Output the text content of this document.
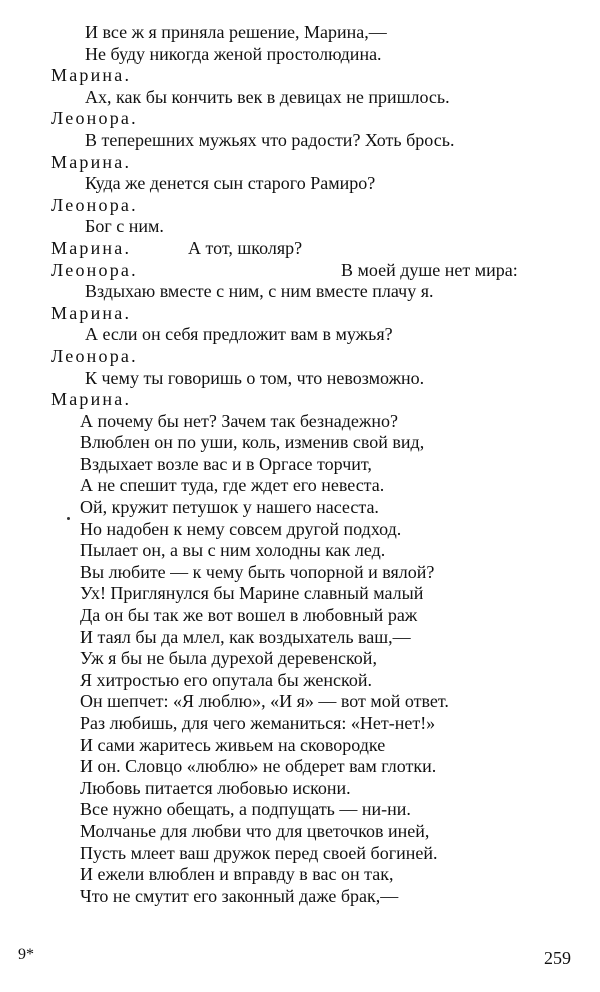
И все ж я приняла решение, Марина,—
Не буду никогда женой простолюдина.
Марина.
Ах, как бы кончить век в девицах не пришлось.
Леонора.
В теперешних мужьях что радости? Хоть брось.
Марина.
Куда же денется сын старого Рамиро?
Леонора.
Бог с ним.
Марина.	А тот, школяр?
Леонора.	В моей душе нет мира:
Вздыхаю вместе с ним, с ним вместе плачу я.
Марина.
А если он себя предложит вам в мужья?
Леонора.
К чему ты говоришь о том, что невозможно.
Марина.
А почему бы нет? Зачем так безнадежно?
Влюблен он по уши, коль, изменив свой вид,
Вздыхает возле вас и в Оргасе торчит,
А не спешит туда, где ждет его невеста.
Ой, кружит петушок у нашего насеста.
Но надобен к нему совсем другой подход.
Пылает он, а вы с ним холодны как лед.
Вы любите — к чему быть чопорной и вялой?
Ух! Приглянулся бы Марине славный малый
Да он бы так же вот вошел в любовный раж
И таял бы да млел, как воздыхатель ваш,—
Уж я бы не была дурехой деревенской,
Я хитростью его опутала бы женской.
Он шепчет: «Я люблю», «И я» — вот мой ответ.
Раз любишь, для чего жеманиться: «Нет-нет!»
И сами жаритесь живьем на сковородке
И он. Словцо «люблю» не обдерет вам глотки.
Любовь питается любовью искони.
Все нужно обещать, а подпущать — ни-ни.
Молчанье для любви что для цветочков иней,
Пусть млеет ваш дружок перед своей богиней.
И ежели влюблен и вправду в вас он так,
Что не смутит его законный даже брак,—
9*	259
